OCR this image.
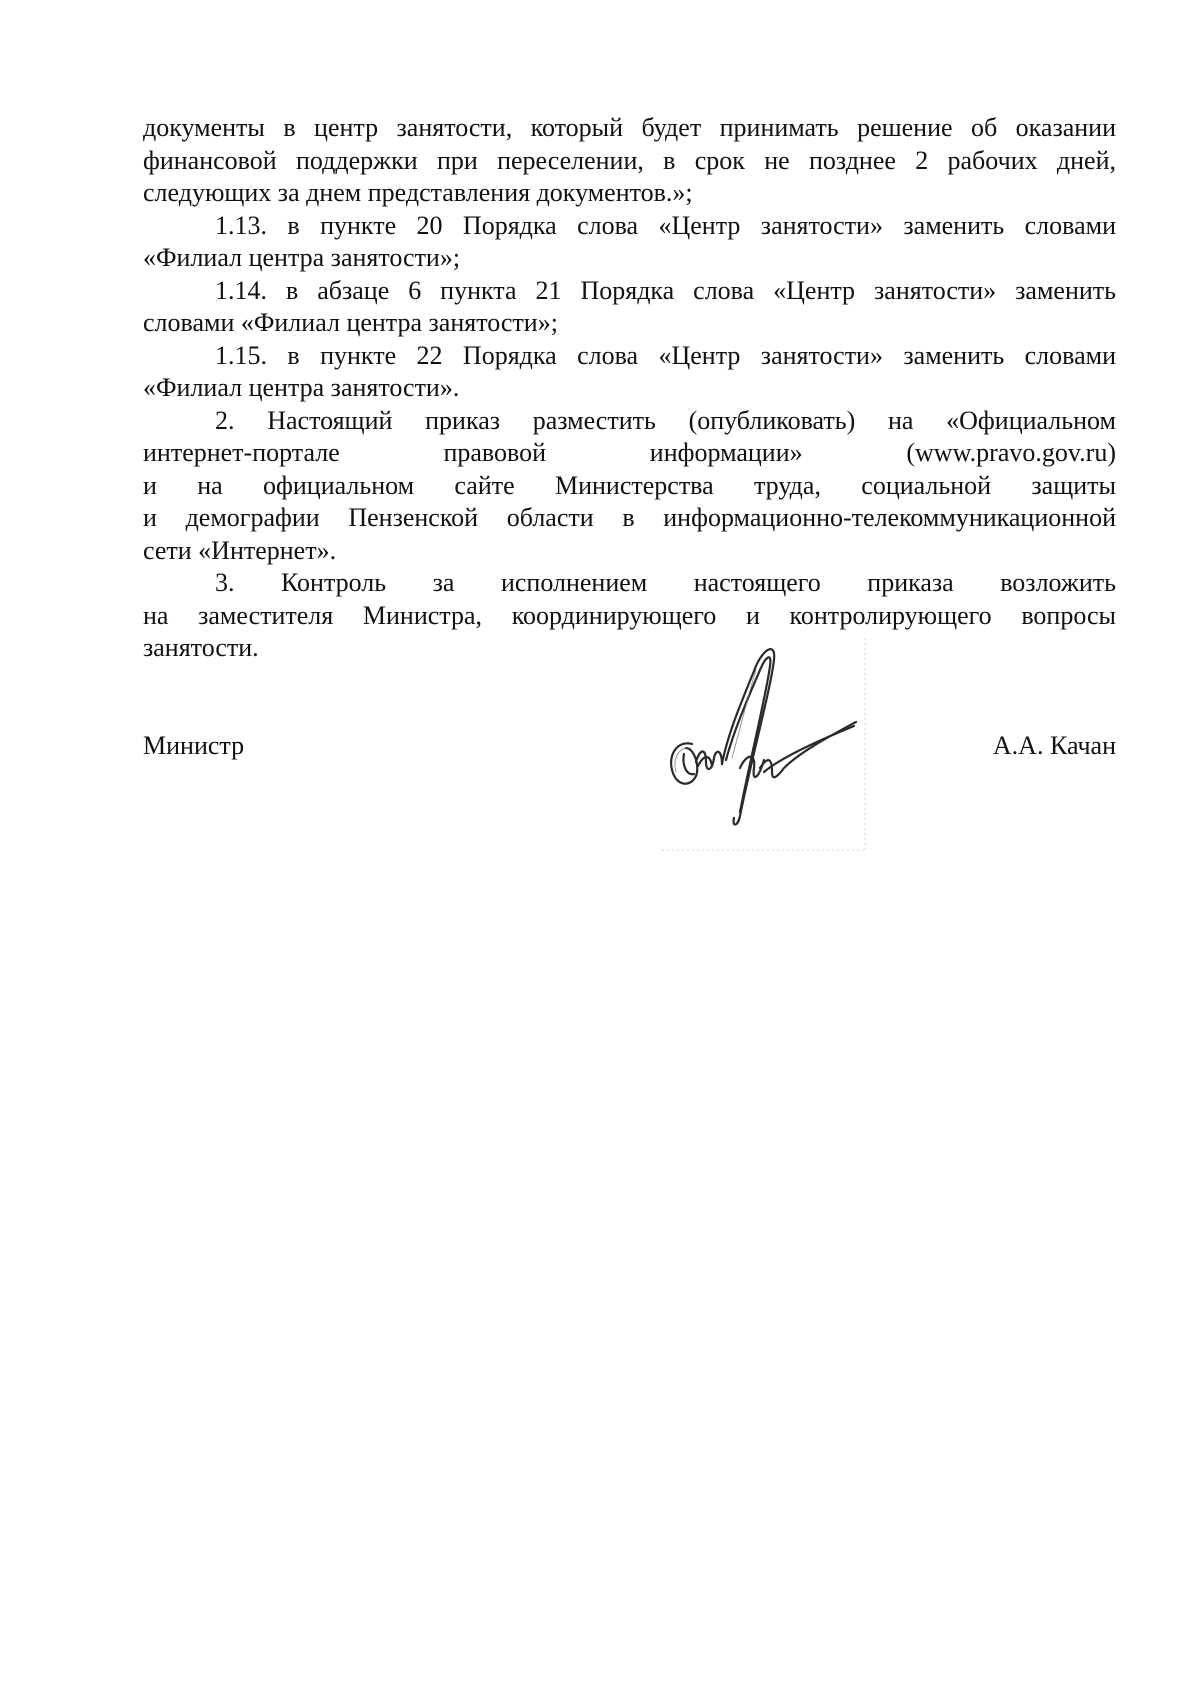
документы в центр занятости, который будет принимать решение об оказании
финансовой поддержки при переселении, в срок не позднее 2 рабочих дней,
следующих за днем представления документов.»;

1.13. в пункте 20 Порядка слова «Центр занятости» заменить словами
«Филиал центра занятости»;

1.14. в абзаце 6 пункта 21 Порядка слова «Центр занятости» заменить
словами «Филиал центра занятости»;

1.15. в пункте 22 Порядка слова «Центр занятости» заменить словами
«Филиал центра занятости».

2. Настоящий приказ разместить (опубликовать) на «Официальном
интернет-портале правовой информации» (www.pravo.gov.ru)
и на официальном сайте Министерства труда, социальной защиты
и демографии Пензенской области в информационно-телекоммуникационной
сети «Интернет».

3. Контроль за исполнением настоящего приказа возложить
на заместителя Министра, координирующего и контролирующего вопросы
занятости.

Министр	А.А. Качан
